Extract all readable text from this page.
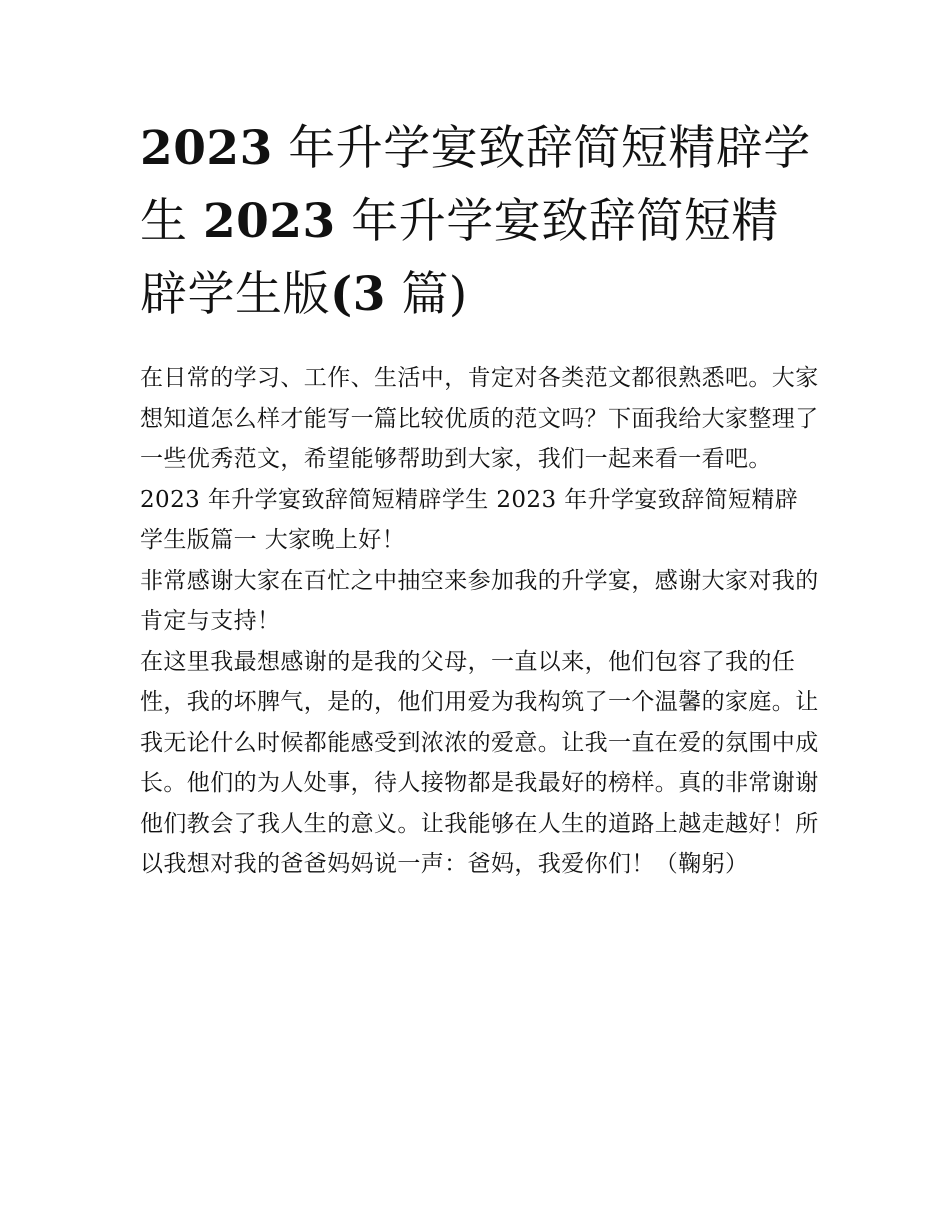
2023 年升学宴致辞简短精辟学
生 2023 年升学宴致辞简短精
辟学生版(3 篇)

在日常的学习、工作、生活中，肯定对各类范文都很熟悉吧。大家想知道怎么样才能写一篇比较优质的范文吗？下面我给大家整理了一些优秀范文，希望能够帮助到大家，我们一起来看一看吧。

2023 年升学宴致辞简短精辟学生 2023 年升学宴致辞简短精辟学生版篇一 大家晚上好！

非常感谢大家在百忙之中抽空来参加我的升学宴，感谢大家对我的肯定与支持！

在这里我最想感谢的是我的父母，一直以来，他们包容了我的任性，我的坏脾气，是的，他们用爱为我构筑了一个温馨的家庭。让我无论什么时候都能感受到浓浓的爱意。让我一直在爱的氛围中成长。他们的为人处事，待人接物都是我最好的榜样。真的非常谢谢他们教会了我人生的意义。让我能够在人生的道路上越走越好！所以我想对我的爸爸妈妈说一声：爸妈，我爱你们！（鞠躬）
